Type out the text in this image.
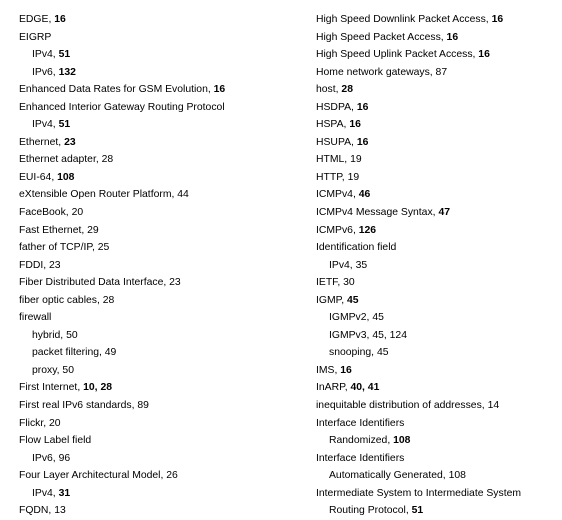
EDGE, 16
EIGRP
IPv4, 51
IPv6, 132
Enhanced Data Rates for GSM Evolution, 16
Enhanced Interior Gateway Routing Protocol
IPv4, 51
Ethernet, 23
Ethernet adapter, 28
EUI-64, 108
eXtensible Open Router Platform, 44
FaceBook, 20
Fast Ethernet, 29
father of TCP/IP, 25
FDDI, 23
Fiber Distributed Data Interface, 23
fiber optic cables, 28
firewall
hybrid, 50
packet filtering, 49
proxy, 50
First Internet, 10, 28
First real IPv6 standards, 89
Flickr, 20
Flow Label field
IPv6, 96
Four Layer Architectural Model, 26
IPv4, 31
FQDN, 13
High Speed Downlink Packet Access, 16
High Speed Packet Access, 16
High Speed Uplink Packet Access, 16
Home network gateways, 87
host, 28
HSDPA, 16
HSPA, 16
HSUPA, 16
HTML, 19
HTTP, 19
ICMPv4, 46
ICMPv4 Message Syntax, 47
ICMPv6, 126
Identification field
IPv4, 35
IETF, 30
IGMP, 45
IGMPv2, 45
IGMPv3, 45, 124
snooping, 45
IMS, 16
InARP, 40, 41
inequitable distribution of addresses, 14
Interface Identifiers
Randomized, 108
Interface Identifiers
Automatically Generated, 108
Intermediate System to Intermediate System
Routing Protocol, 51
